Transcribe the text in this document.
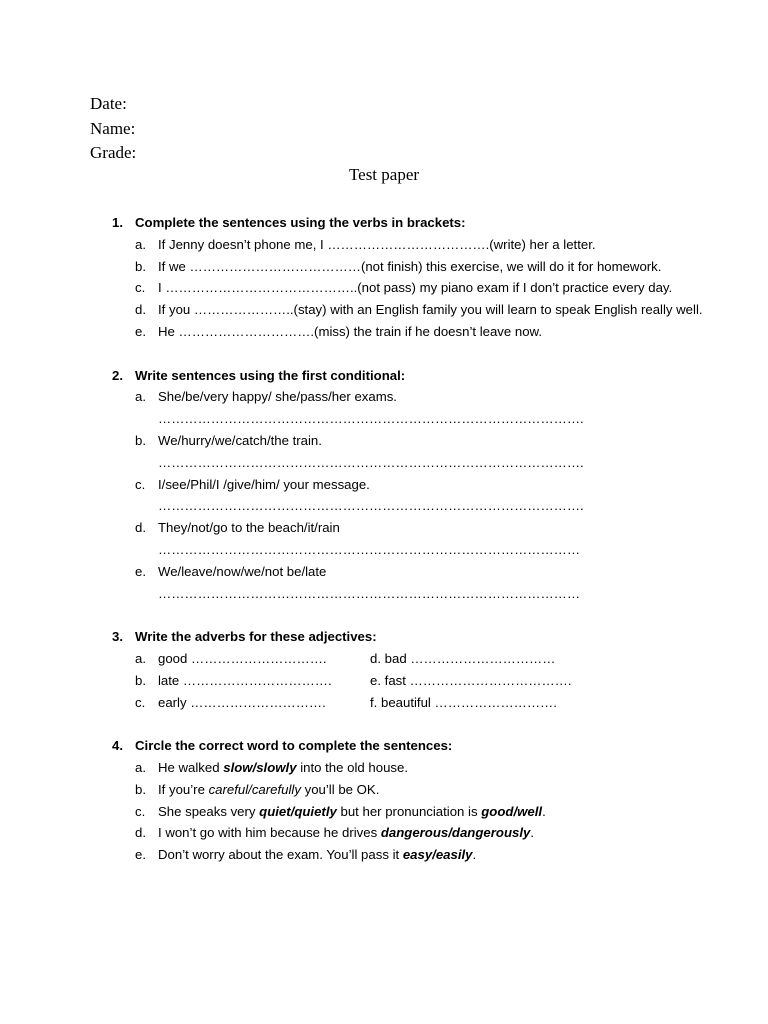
Date:
Name:
Grade:
Test paper
1. Complete the sentences using the verbs in brackets:
a. If Jenny doesn’t phone me, I ……………………………….(write) her a letter.
b. If we …………………………………(not finish) this exercise, we will do it for homework.
c. I ……………………………………..(not pass) my piano exam if I don’t practice every day.
d. If you …………………..(stay) with an English family you will learn to speak English really well.
e. He ………………………….(miss) the train if he doesn’t leave now.
2. Write sentences using the first conditional:
a. She/be/very happy/ she/pass/her exams.
…………………………………………………………………………………….
b. We/hurry/we/catch/the train.
…………………………………………………………………………………….
c. I/see/Phil/I /give/him/ your message.
…………………………………………………………………………………….
d. They/not/go to the beach/it/rain
……………………………………………………………………………………
e. We/leave/now/we/not be/late
……………………………………………………………………………………
3. Write the adverbs for these adjectives:
a. good ………………………….	d. bad ……………………………
b. late …………………………….	e. fast ……………………………….
c. early ………………………….	f. beautiful ……………………….
4. Circle the correct word to complete the sentences:
a. He walked slow/slowly into the old house.
b. If you’re careful/carefully you’ll be OK.
c. She speaks very quiet/quietly but her pronunciation is good/well.
d. I won’t go with him because he drives dangerous/dangerously.
e. Don’t worry about the exam. You’ll pass it easy/easily.
